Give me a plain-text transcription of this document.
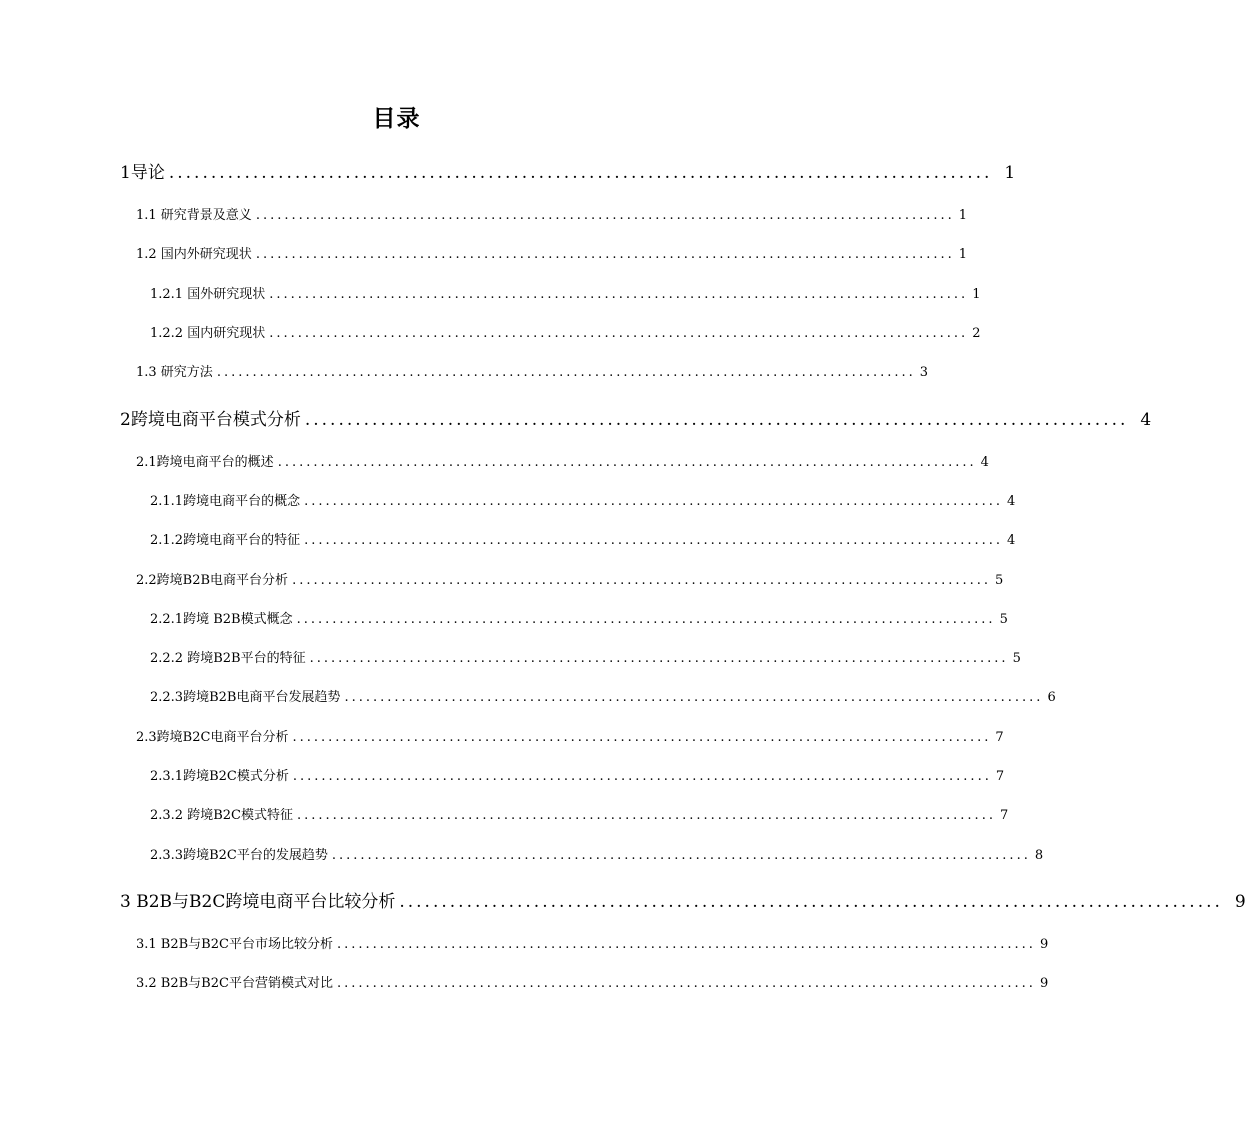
目录
1导论 .................................................................................................. 1
1.1 研究背景及意义 .................................................................................................. 1
1.2 国内外研究现状 .................................................................................................. 1
1.2.1 国外研究现状 .................................................................................................. 1
1.2.2 国内研究现状 .................................................................................................. 2
1.3 研究方法 .................................................................................................. 3
2跨境电商平台模式分析 .................................................................................................. 4
2.1跨境电商平台的概述 .................................................................................................. 4
2.1.1跨境电商平台的概念 .................................................................................................. 4
2.1.2跨境电商平台的特征 .................................................................................................. 4
2.2跨境B2B电商平台分析 .................................................................................................. 5
2.2.1跨境 B2B模式概念 .................................................................................................. 5
2.2.2 跨境B2B平台的特征 .................................................................................................. 5
2.2.3跨境B2B电商平台发展趋势 .................................................................................................. 6
2.3跨境B2C电商平台分析 .................................................................................................. 7
2.3.1跨境B2C模式分析 .................................................................................................. 7
2.3.2 跨境B2C模式特征 .................................................................................................. 7
2.3.3跨境B2C平台的发展趋势 .................................................................................................. 8
3 B2B与B2C跨境电商平台比较分析 .................................................................................................. 9
3.1 B2B与B2C平台市场比较分析 .................................................................................................. 9
3.2 B2B与B2C平台营销模式对比 .................................................................................................. 9
